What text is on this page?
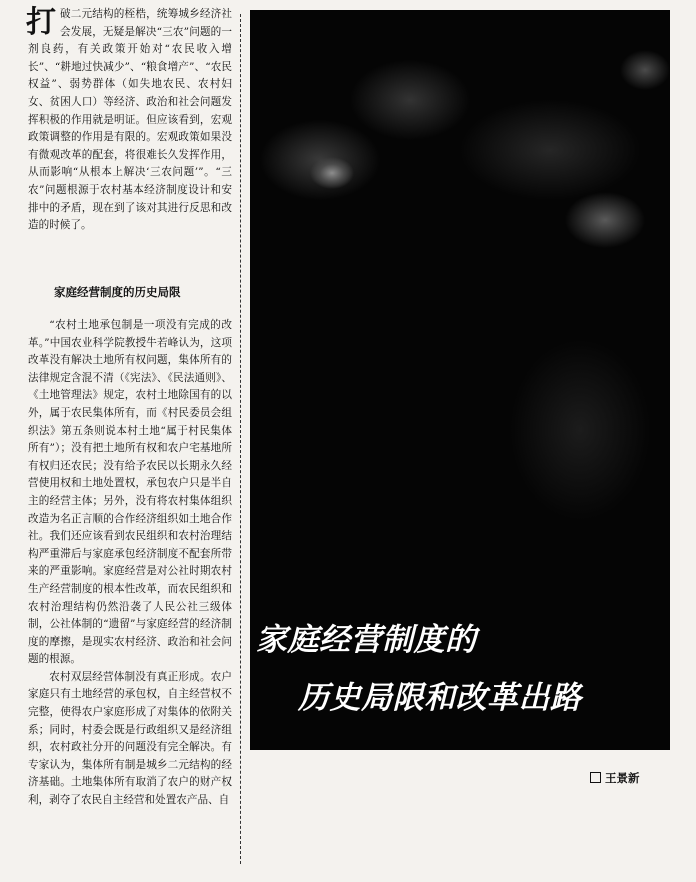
打破二元结构的桎梏，统筹城乡经济社会发展，无疑是解决“三农”问题的一剂良药，有关政策开始对“农民收入增长”、“耕地过快减少”、“粮食增产”、“农民权益”、弱势群体（如失地农民、农村妇女、贫困人口）等经济、政治和社会问题发挥积极的作用就是明证。但应该看到，宏观政策调整的作用是有限的。宏观政策如果没有微观改革的配套，将很难长久发挥作用，从而影响“从根本上解决‘三农问题’”。“三农”问题根源于农村基本经济制度设计和安排中的矛盾，现在到了该对其进行反思和改造的时候了。
家庭经营制度的历史局限

“农村土地承包制是一项没有完成的改革。”中国农业科学院教授牛若峰认为，这项改革没有解决土地所有权问题，集体所有的法律规定含混不清（《宪法》、《民法通则》、《土地管理法》规定，农村土地除国有的以外，属于农民集体所有，而《村民委员会组织法》第五条则说本村土地“属于村民集体所有”）；没有把土地所有权和农户宅基地所有权归还农民；没有给予农民以长期永久经营使用权和土地处置权，承包农户只是半自主的经营主体；另外，没有将农村集体组织改造为名正言顺的合作经济组织如土地合作社。我们还应该看到农民组织和农村治理结构严重滞后与家庭承包经济制度不配套所带来的严重影响。家庭经营是对公社时期农村生产经营制度的根本性改革，而农民组织和农村治理结构仍然沿袭了人民公社三级体制，公社体制的“遗留”与家庭经营的经济制度的摩擦，是现实农村经济、政治和社会问题的根源。

农村双层经营体制没有真正形成。农户家庭只有土地经营的承包权，自主经营权不完整，使得农户家庭形成了对集体的依附关系；同时，村委会既是行政组织又是经济组织，农村政社分开的问题没有完全解决。有专家认为，集体所有制是城乡二元结构的经济基础。土地集体所有取消了农户的财产权利，剥夺了农民自主经营和处置农产品、自

家庭经营制度的
历史局限和改革出路
王景新
